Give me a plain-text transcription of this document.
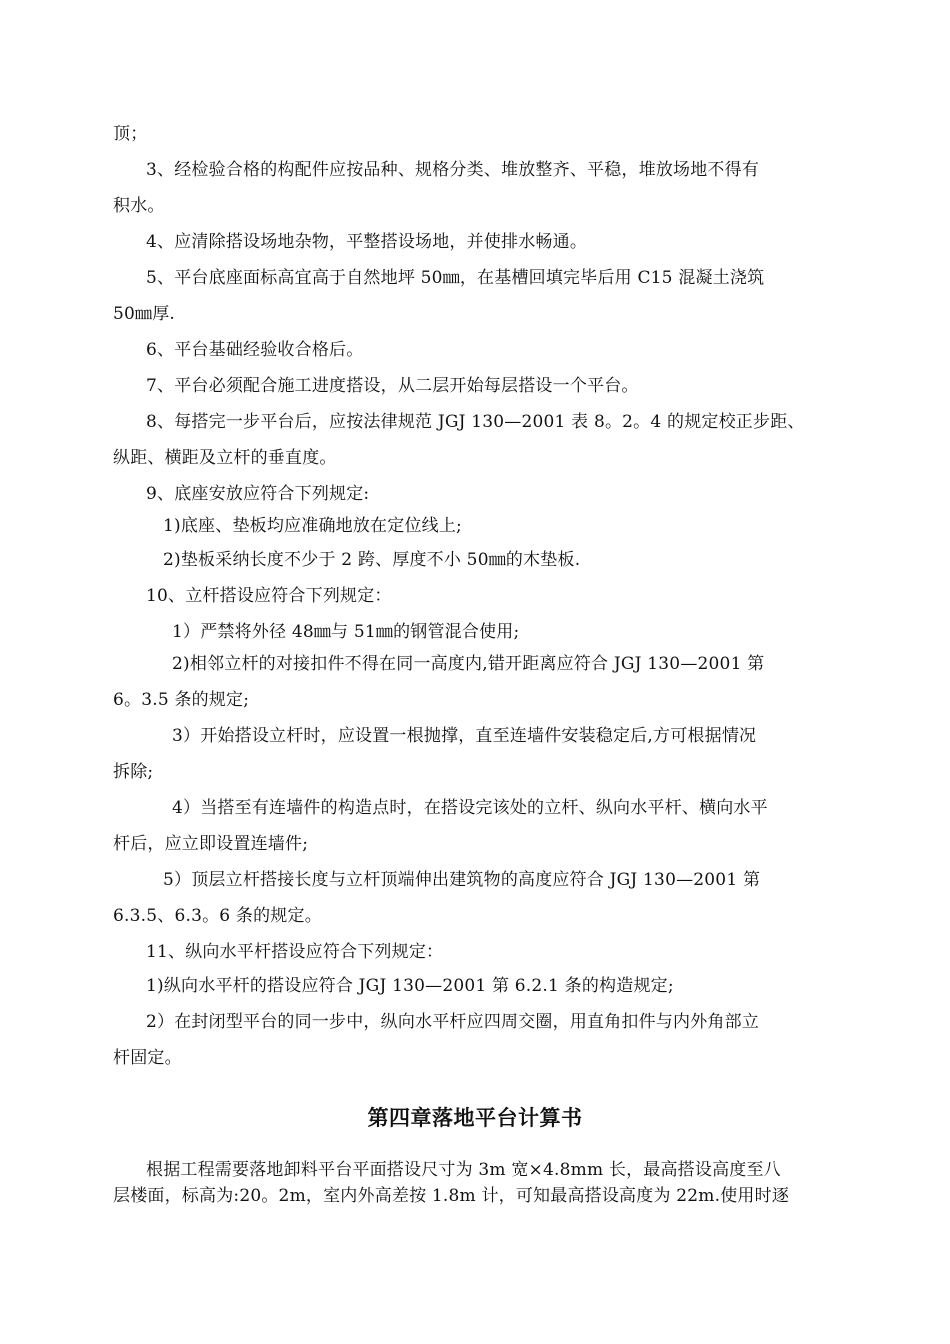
顶；
3、经检验合格的构配件应按品种、规格分类、堆放整齐、平稳，堆放场地不得有
积水。
4、应清除搭设场地杂物，平整搭设场地，并使排水畅通。
5、平台底座面标高宜高于自然地坪 50㎜，在基槽回填完毕后用 C15 混凝土浇筑
50㎜厚.
6、平台基础经验收合格后。
7、平台必须配合施工进度搭设，从二层开始每层搭设一个平台。
8、每搭完一步平台后，应按法律规范 JGJ 130—2001 表 8。2。4 的规定校正步距、
纵距、横距及立杆的垂直度。
9、底座安放应符合下列规定:
1)底座、垫板均应准确地放在定位线上;
2)垫板采纳长度不少于 2 跨、厚度不小 50㎜的木垫板.
10、立杆搭设应符合下列规定：
1）严禁将外径 48㎜与 51㎜的钢管混合使用;
2)相邻立杆的对接扣件不得在同一高度内,错开距离应符合 JGJ 130—2001 第
6。3.5 条的规定;
3）开始搭设立杆时，应设置一根抛撑，直至连墙件安装稳定后,方可根据情况
拆除;
4）当搭至有连墙件的构造点时，在搭设完该处的立杆、纵向水平杆、横向水平
杆后，应立即设置连墙件;
5）顶层立杆搭接长度与立杆顶端伸出建筑物的高度应符合 JGJ 130—2001 第
6.3.5、6.3。6 条的规定。
11、纵向水平杆搭设应符合下列规定：
1)纵向水平杆的搭设应符合 JGJ 130—2001 第 6.2.1 条的构造规定;
2）在封闭型平台的同一步中，纵向水平杆应四周交圈，用直角扣件与内外角部立
杆固定。
第四章落地平台计算书
根据工程需要落地卸料平台平面搭设尺寸为 3m 宽×4.8mm 长，最高搭设高度至八
层楼面，标高为:20。2m，室内外高差按 1.8m 计，可知最高搭设高度为 22m.使用时逐
